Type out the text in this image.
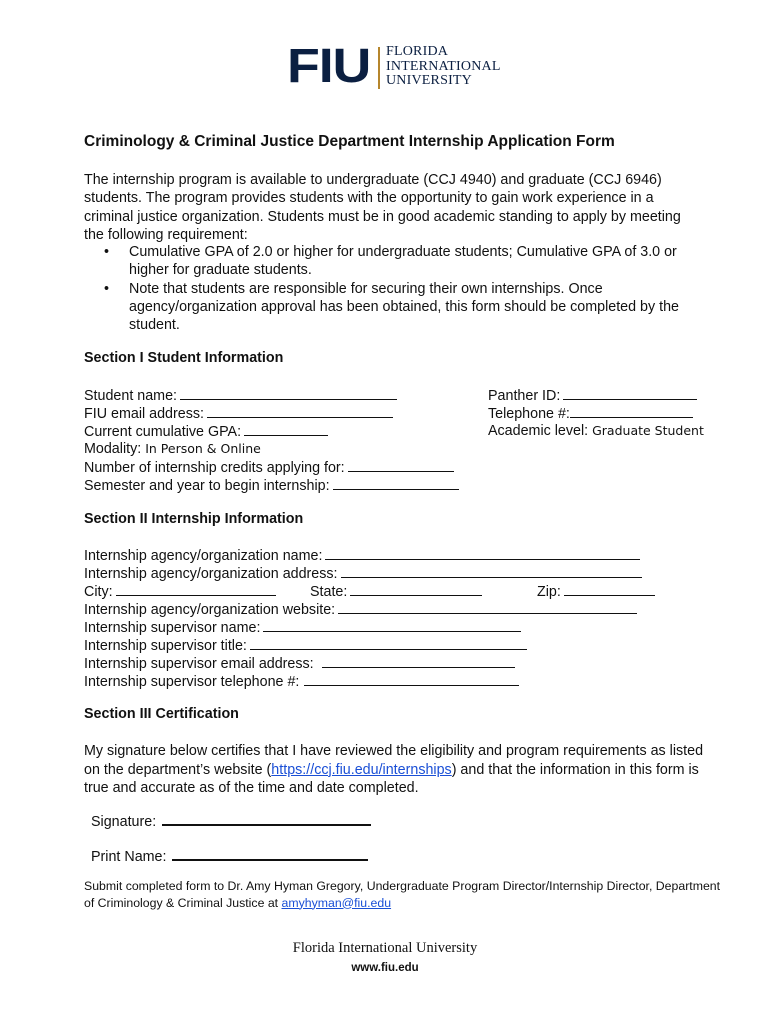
FIU FLORIDA
INTERNATIONAL
UNIVERSITY
Criminology & Criminal Justice Department Internship Application Form
The internship program is available to undergraduate (CCJ 4940) and graduate (CCJ 6946) students. The program provides students with the opportunity to gain work experience in a criminal justice organization. Students must be in good academic standing to apply by meeting the following requirement:
• Cumulative GPA of 2.0 or higher for undergraduate students; Cumulative GPA of 3.0 or higher for graduate students.
• Note that students are responsible for securing their own internships. Once agency/organization approval has been obtained, this form should be completed by the student.
Section I Student Information
Student name:
FIU email address:
Current cumulative GPA:
Modality: In Person & Online
Number of internship credits applying for:
Semester and year to begin internship:
Panther ID:
Telephone #:
Academic level: Graduate Student
Section II Internship Information
Internship agency/organization name:
Internship agency/organization address:
City:	State:	Zip:
Internship agency/organization website:
Internship supervisor name:
Internship supervisor title:
Internship supervisor email address:
Internship supervisor telephone #:
Section III Certification
My signature below certifies that I have reviewed the eligibility and program requirements as listed on the department’s website (https://ccj.fiu.edu/internships) and that the information in this form is true and accurate as of the time and date completed.
Signature:
Print Name:
Submit completed form to Dr. Amy Hyman Gregory, Undergraduate Program Director/Internship Director, Department of Criminology & Criminal Justice at amyhyman@fiu.edu
Florida International University
www.fiu.edu
